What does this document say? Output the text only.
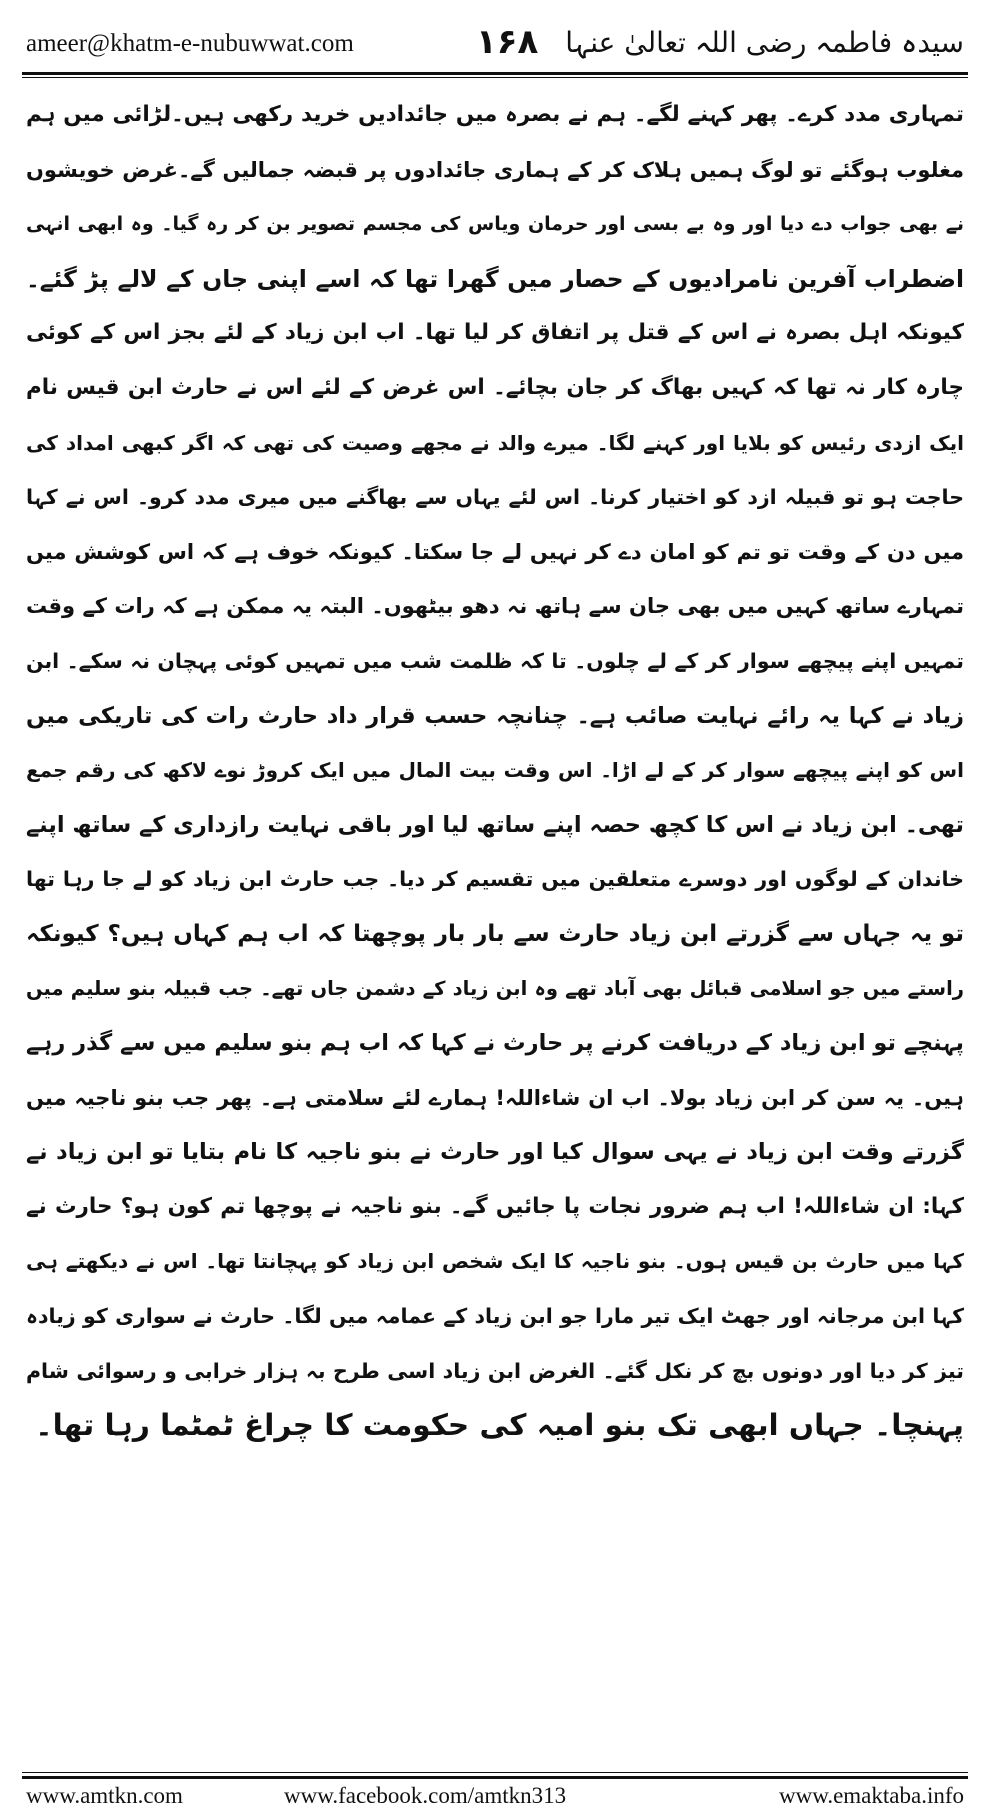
ameer@khatm-e-nubuwwat.com	۱۶۸ سیدہ فاطمہ رضی اللہ تعالیٰ عنہا
تمہاری مدد کرے۔ پھر کہنے لگے۔ ہم نے بصرہ میں جائدادیں خرید رکھی ہیں۔لڑائی میں ہم
مغلوب ہوگئے تو لوگ ہمیں ہلاک کر کے ہماری جائدادوں پر قبضہ جمالیں گے۔غرض خویشوں
نے بھی جواب دے دیا اور وہ بے بسی اور حرمان ویاس کی مجسم تصویر بن کر رہ گیا۔ وہ ابھی انہی
اضطراب آفرین نامرادیوں کے حصار میں گھرا تھا کہ اسے اپنی جاں کے لالے پڑ گئے۔
کیونکہ اہل بصرہ نے اس کے قتل پر اتفاق کر لیا تھا۔ اب ابن زیاد کے لئے بجز اس کے کوئی
چارہ کار نہ تھا کہ کہیں بھاگ کر جان بچائے۔ اس غرض کے لئے اس نے حارث ابن قیس نام
ایک ازدی رئیس کو بلایا اور کہنے لگا۔ میرے والد نے مجھے وصیت کی تھی کہ اگر کبھی امداد کی
حاجت ہو تو قبیلہ ازد کو اختیار کرنا۔ اس لئے یہاں سے بھاگنے میں میری مدد کرو۔ اس نے کہا
میں دن کے وقت تو تم کو امان دے کر نہیں لے جا سکتا۔ کیونکہ خوف ہے کہ اس کوشش میں
تمہارے ساتھ کہیں میں بھی جان سے ہاتھ نہ دھو بیٹھوں۔ البتہ یہ ممکن ہے کہ رات کے وقت
تمہیں اپنے پیچھے سوار کر کے لے چلوں۔ تا کہ ظلمت شب میں تمہیں کوئی پہچان نہ سکے۔ ابن
زیاد نے کہا یہ رائے نہایت صائب ہے۔ چنانچہ حسب قرار داد حارث رات کی تاریکی میں
اس کو اپنے پیچھے سوار کر کے لے اڑا۔ اس وقت بیت المال میں ایک کروڑ نوے لاکھ کی رقم جمع
تھی۔ ابن زیاد نے اس کا کچھ حصہ اپنے ساتھ لیا اور باقی نہایت رازداری کے ساتھ اپنے
خاندان کے لوگوں اور دوسرے متعلقین میں تقسیم کر دیا۔ جب حارث ابن زیاد کو لے جا رہا تھا
تو یہ جہاں سے گزرتے ابن زیاد حارث سے بار بار پوچھتا کہ اب ہم کہاں ہیں؟ کیونکہ
راستے میں جو اسلامی قبائل بھی آباد تھے وہ ابن زیاد کے دشمن جاں تھے۔ جب قبیلہ بنو سلیم میں
پہنچے تو ابن زیاد کے دریافت کرنے پر حارث نے کہا کہ اب ہم بنو سلیم میں سے گذر رہے
ہیں۔ یہ سن کر ابن زیاد بولا۔ اب ان شاءاللہ! ہمارے لئے سلامتی ہے۔ پھر جب بنو ناجیہ میں
گزرتے وقت ابن زیاد نے یہی سوال کیا اور حارث نے بنو ناجیہ کا نام بتایا تو ابن زیاد نے
کہا: ان شاءاللہ! اب ہم ضرور نجات پا جائیں گے۔ بنو ناجیہ نے پوچھا تم کون ہو؟ حارث نے
کہا میں حارث بن قیس ہوں۔ بنو ناجیہ کا ایک شخص ابن زیاد کو پہچانتا تھا۔ اس نے دیکھتے ہی
کہا ابن مرجانہ اور جھٹ ایک تیر مارا جو ابن زیاد کے عمامہ میں لگا۔ حارث نے سواری کو زیادہ
تیز کر دیا اور دونوں بچ کر نکل گئے۔ الغرض ابن زیاد اسی طرح بہ ہزار خرابی و رسوائی شام
پہنچا۔ جہاں ابھی تک بنو امیہ کی حکومت کا چراغ ٹمٹما رہا تھا۔
www.amtkn.com	www.facebook.com/amtkn313	www.emaktaba.info
